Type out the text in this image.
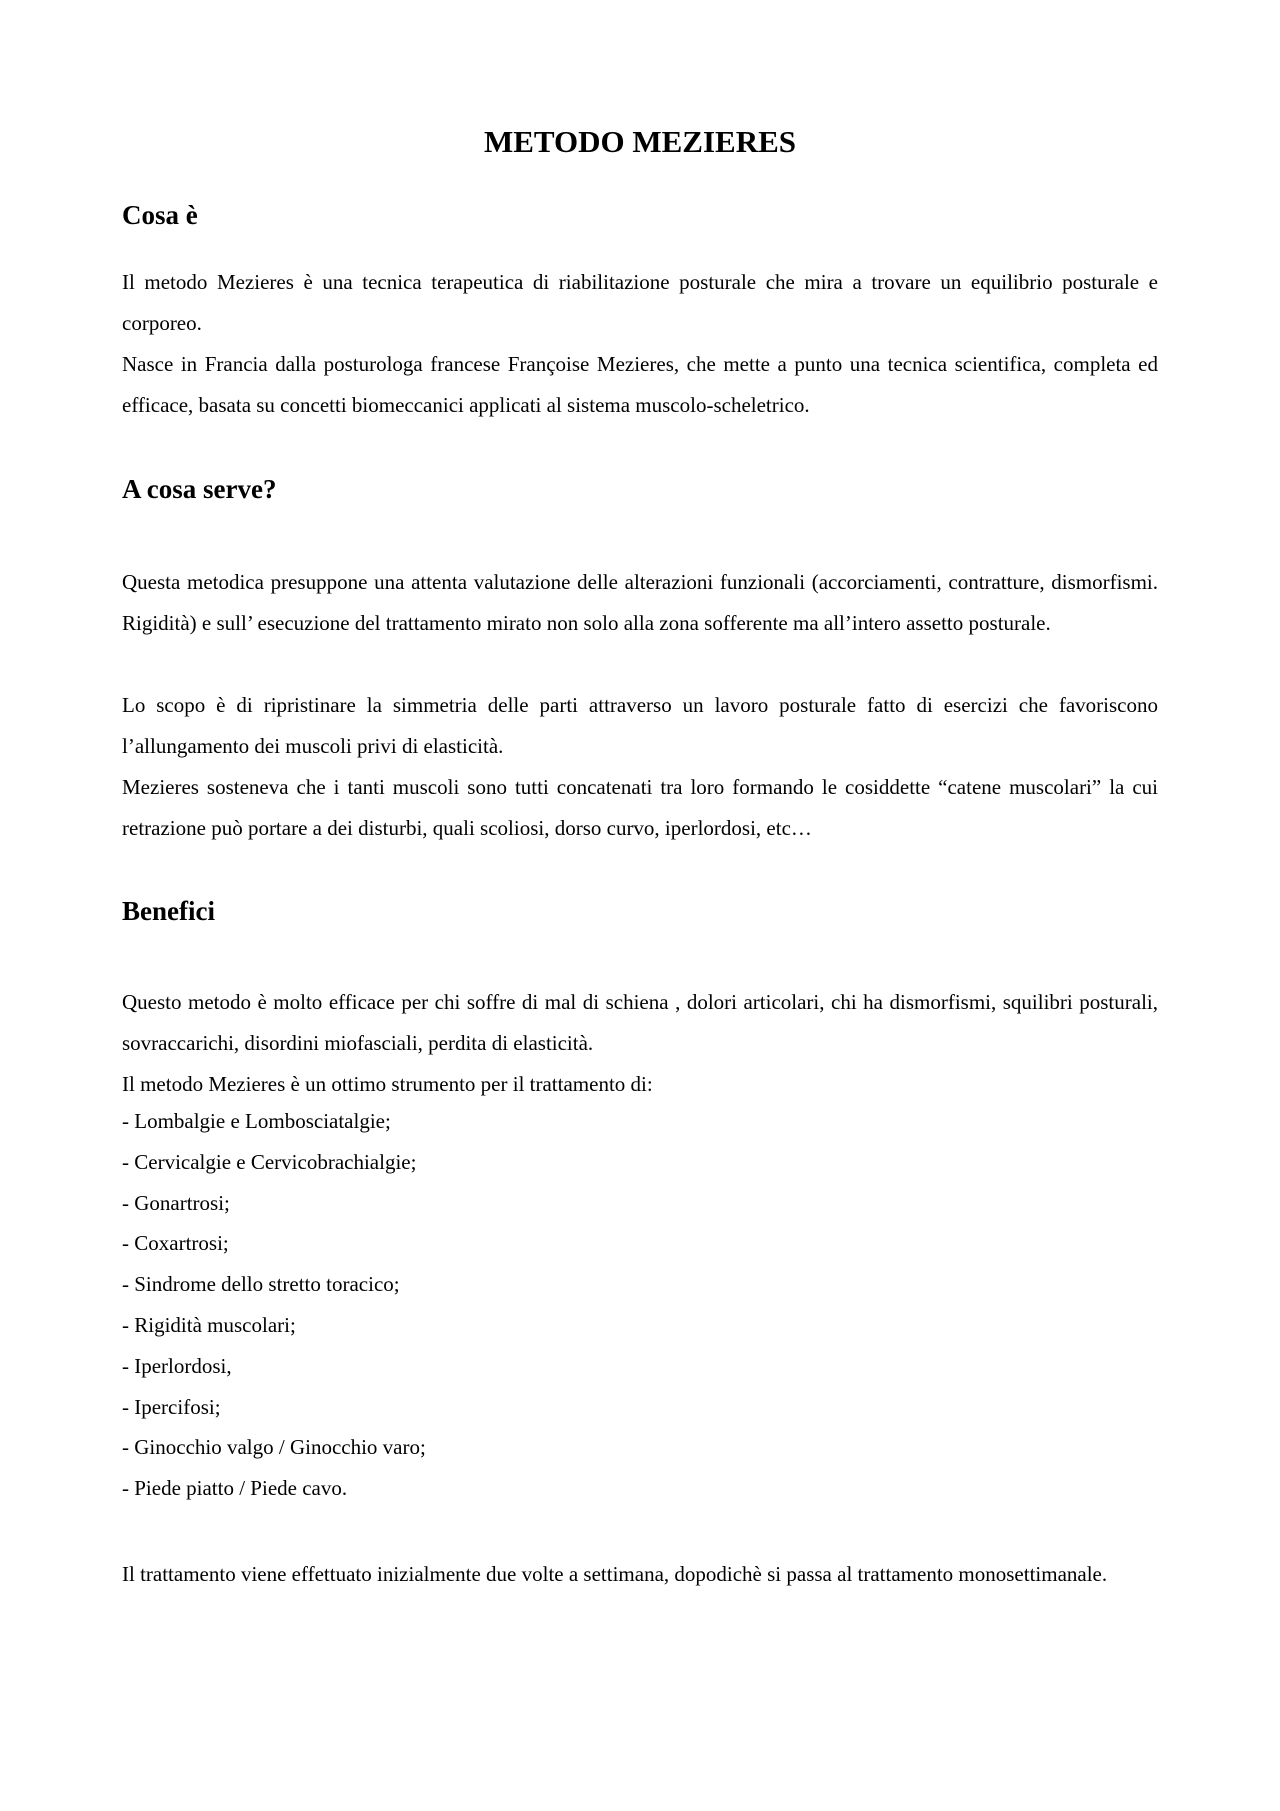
METODO MEZIERES
Cosa è

Il metodo Mezieres è una tecnica terapeutica di riabilitazione posturale che mira a trovare un equilibrio posturale e corporeo.

Nasce in Francia dalla posturologa francese Françoise Mezieres, che mette a punto una tecnica scientifica, completa ed efficace, basata su concetti biomeccanici applicati al sistema muscolo-scheletrico.

A cosa serve?

Questa metodica presuppone una attenta valutazione delle alterazioni funzionali (accorciamenti, contratture, dismorfismi. Rigidità) e sull’ esecuzione del trattamento mirato non solo alla zona sofferente ma all’intero assetto posturale.

Lo scopo è di ripristinare la simmetria delle parti attraverso un lavoro posturale fatto di esercizi che favoriscono l’allungamento dei muscoli privi di elasticità.

Mezieres sosteneva che i tanti muscoli sono tutti concatenati tra loro formando le cosiddette “catene muscolari” la cui retrazione può portare a dei disturbi, quali scoliosi, dorso curvo, iperlordosi, etc…

Benefici

Questo metodo è molto efficace per chi soffre di mal di schiena , dolori articolari, chi ha dismorfismi, squilibri posturali, sovraccarichi, disordini miofasciali, perdita di elasticità.

Il metodo Mezieres è un ottimo strumento per il trattamento di:

- Lombalgie e Lombosciatalgie;
- Cervicalgie e Cervicobrachialgie;
- Gonartrosi;
- Coxartrosi;
- Sindrome dello stretto toracico;
- Rigidità muscolari;
- Iperlordosi,
- Ipercifosi;
- Ginocchio valgo / Ginocchio varo;
- Piede piatto / Piede cavo.

Il trattamento viene effettuato inizialmente due volte a settimana, dopodichè si passa al trattamento monosettimanale.
